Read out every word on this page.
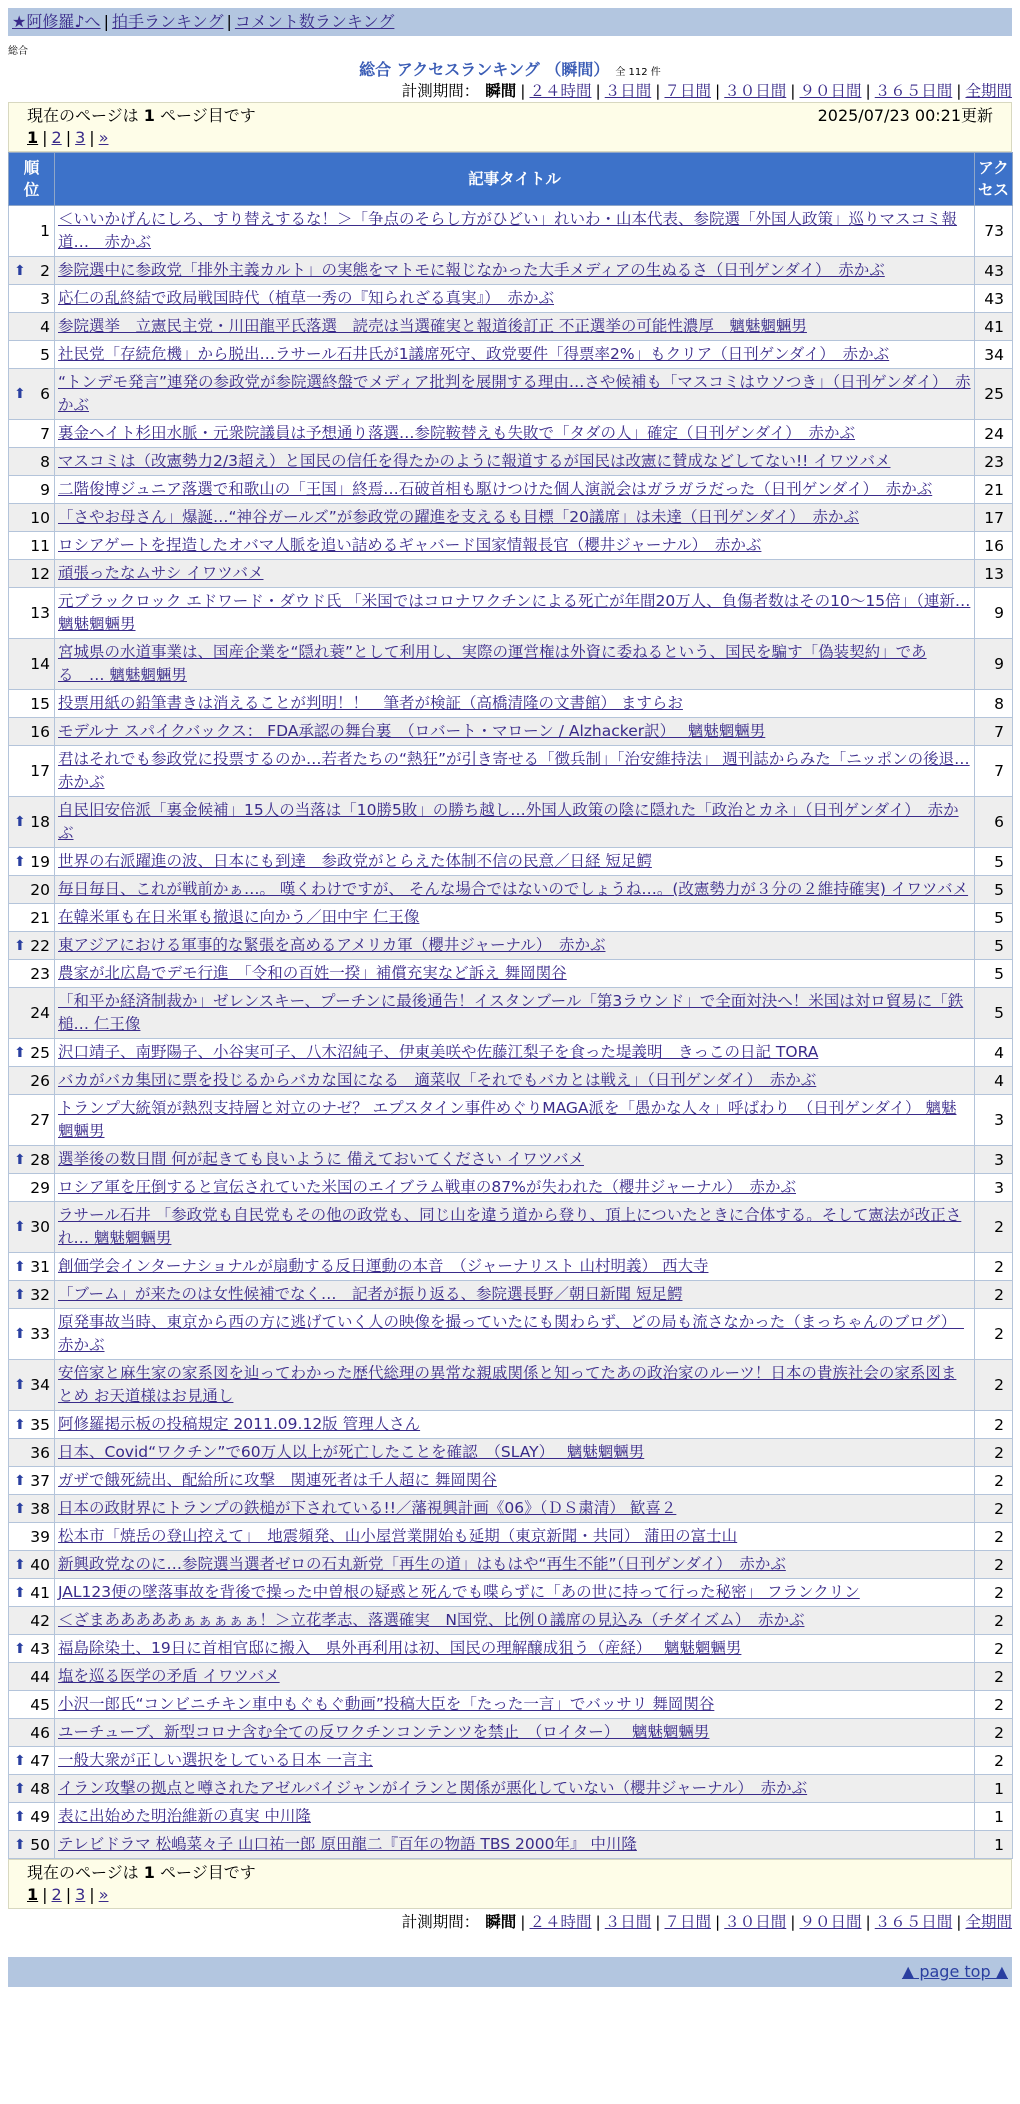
★阿修羅♪へ | 拍手ランキング | コメント数ランキング
総合
総合 アクセスランキング （瞬間） 全 112 件
計測期間： 瞬間 | ２４時間 | ３日間 | ７日間 | ３０日間 | ９０日間 | ３６５日間 | 全期間
現在のページは 1 ページ目です	2025/07/23 00:21更新
1 | 2 | 3 | »
順位	記事タイトル	アクセス
1	＜いいかげんにしろ、すり替えするな！＞「争点のそらし方がひどい」れいわ・山本代表、参院選「外国人政策」巡りマスコミ報道…　赤かぶ	73

⬆ 2	参院選中に参政党「排外主義カルト」の実態をマトモに報じなかった大手メディアの生ぬるさ（日刊ゲンダイ）　赤かぶ	43
3	応仁の乱終結で政局戦国時代（植草一秀の『知られざる真実』）　赤かぶ	43
4	参院選挙　立憲民主党・川田龍平氏落選　読売は当選確実と報道後訂正 不正選挙の可能性濃厚　魑魅魍魎男	41
5	社民党「存続危機」から脱出…ラサール石井氏が1議席死守、政党要件「得票率2%」もクリア（日刊ゲンダイ）　赤かぶ	34

⬆ 6	“トンデモ発言”連発の参政党が参院選終盤でメディア批判を展開する理由…さや候補も「マスコミはウソつき」（日刊ゲンダイ）　赤かぶ	25
7	裏金ヘイト杉田水脈・元衆院議員は予想通り落選…参院鞍替えも失敗で「タダの人」確定（日刊ゲンダイ）　赤かぶ	24
8	マスコミは（改憲勢力2/3超え）と国民の信任を得たかのように報道するが国民は改憲に賛成などしてない!! イワツバメ	23
9	二階俊博ジュニア落選で和歌山の「王国」終焉…石破首相も駆けつけた個人演説会はガラガラだった（日刊ゲンダイ）　赤かぶ	21
10	「さやお母さん」爆誕…“神谷ガールズ”が参政党の躍進を支えるも目標「20議席」は未達（日刊ゲンダイ）　赤かぶ	17
11	ロシアゲートを捏造したオバマ人脈を追い詰めるギャバード国家情報長官（櫻井ジャーナル）　赤かぶ	16
12	頑張ったなムサシ イワツバメ	13
13	元ブラックロック エドワード・ダウド氏 「米国ではコロナワクチンによる死亡が年間20万人、負傷者数はその10～15倍」（連新… 魑魅魍魎男	9
14	宮城県の水道事業は、国産企業を“隠れ蓑”として利用し、実際の運営権は外資に委ねるという、国民を騙す「偽装契約」である　… 魑魅魍魎男	9
15	投票用紙の鉛筆書きは消えることが判明！！　筆者が検証（高橋清隆の文書館） ますらお	8
16	モデルナ スパイクバックス： FDA承認の舞台裏　（ロバート・マローン / Alzhacker訳）　 魑魅魍魎男	7
17	君はそれでも参政党に投票するのか…若者たちの“熱狂”が引き寄せる「徴兵制」「治安維持法」 週刊誌からみた「ニッポンの後退… 赤かぶ	7

⬆ 18	自民旧安倍派「裏金候補」15人の当落は「10勝5敗」の勝ち越し…外国人政策の陰に隠れた「政治とカネ」（日刊ゲンダイ）　赤かぶ	6

⬆ 19	世界の右派躍進の波、日本にも到達　参政党がとらえた体制不信の民意／日経 短足鰐	5
20	毎日毎日、これが戦前かぁ…。 嘆くわけですが、 そんな場合ではないのでしょうね…。(改憲勢力が３分の２維持確実) イワツバメ	5
21	在韓米軍も在日米軍も撤退に向かう／田中宇 仁王像	5

⬆ 22	東アジアにおける軍事的な緊張を高めるアメリカ軍（櫻井ジャーナル）　赤かぶ	5
23	農家が北広島でデモ行進　「令和の百姓一揆」補償充実など訴え 舞岡関谷	5
24	「和平か経済制裁か」ゼレンスキー、プーチンに最後通告！イスタンブール「第3ラウンド」で全面対決へ！米国は対ロ貿易に「鉄槌… 仁王像	5

⬆ 25	沢口靖子、南野陽子、小谷実可子、八木沼純子、伊東美咲や佐藤江梨子を食った堤義明　きっこの日記 TORA	4
26	バカがバカ集団に票を投じるからバカな国になる　適菜収「それでもバカとは戦え」（日刊ゲンダイ）　赤かぶ	4
27	トランプ大統領が熱烈支持層と対立のナゼ？ エプスタイン事件めぐりMAGA派を「愚かな人々」呼ばわり　（日刊ゲンダイ） 魑魅魍魎男	3

⬆ 28	選挙後の数日間 何が起きても良いように 備えておいてください イワツバメ	3
29	ロシア軍を圧倒すると宣伝されていた米国のエイブラム戦車の87%が失われた（櫻井ジャーナル）　赤かぶ	3

⬆ 30	ラサール石井 「参政党も自民党もその他の政党も、同じ山を違う道から登り、頂上についたときに合体する。そして憲法が改正され… 魑魅魍魎男	2

⬆ 31	創価学会インターナショナルが扇動する反日運動の本音　（ジャーナリスト 山村明義） 西大寺	2

⬆ 32	「ブーム」が来たのは女性候補でなく…　記者が振り返る、参院選長野／朝日新聞 短足鰐	2

⬆ 33	原発事故当時、東京から西の方に逃げていく人の映像を撮っていたにも関わらず、どの局も流さなかった（まっちゃんのブログ）　赤かぶ	2

⬆ 34	安倍家と麻生家の家系図を辿ってわかった歴代総理の異常な親戚関係と知ってたあの政治家のルーツ！日本の貴族社会の家系図まとめ お天道様はお見通し	2

⬆ 35	阿修羅掲示板の投稿規定 2011.09.12版 管理人さん	2
36	日本、Covid“ワクチン”で60万人以上が死亡したことを確認　（SLAY）　 魑魅魍魎男	2

⬆ 37	ガザで餓死続出、配給所に攻撃　関連死者は千人超に 舞岡関谷	2

⬆ 38	日本の政財界にトランプの鉄槌が下されている!!／藩視興計画《06》（ＤＳ粛清） 歓喜２	2
39	松本市「焼岳の登山控えて」　地震頻発、山小屋営業開始も延期（東京新聞・共同） 蒲田の富士山	2

⬆ 40	新興政党なのに…参院選当選者ゼロの石丸新党「再生の道」はもはや“再生不能”（日刊ゲンダイ）　赤かぶ	2

⬆ 41	JAL123便の墜落事故を背後で操った中曽根の疑惑と死んでも喋らずに「あの世に持って行った秘密」 フランクリン	2
42	＜ざまあああああぁぁぁぁぁ！＞立花孝志、落選確実　N国党、比例０議席の見込み（チダイズム）　赤かぶ	2

⬆ 43	福島除染土、19日に首相官邸に搬入　県外再利用は初、国民の理解醸成狙う（産経）　 魑魅魍魎男	2
44	塩を巡る医学の矛盾 イワツバメ	2
45	小沢一郎氏“コンビニチキン車中もぐもぐ動画”投稿大臣を「たった一言」でバッサリ 舞岡関谷	2
46	ユーチューブ、新型コロナ含む全ての反ワクチンコンテンツを禁止　（ロイター）　 魑魅魍魎男	2

⬆ 47	一般大衆が正しい選択をしている日本 一言主	2

⬆ 48	イラン攻撃の拠点と噂されたアゼルバイジャンがイランと関係が悪化していない（櫻井ジャーナル）　赤かぶ	1

⬆ 49	表に出始めた明治維新の真実 中川隆	1

⬆ 50	テレビドラマ 松嶋菜々子 山口祐一郎 原田龍二『百年の物語 TBS 2000年』 中川隆	1
現在のページは 1 ページ目です
1 | 2 | 3 | »
計測期間： 瞬間 | ２４時間 | ３日間 | ７日間 | ３０日間 | ９０日間 | ３６５日間 | 全期間
▲ page top ▲
